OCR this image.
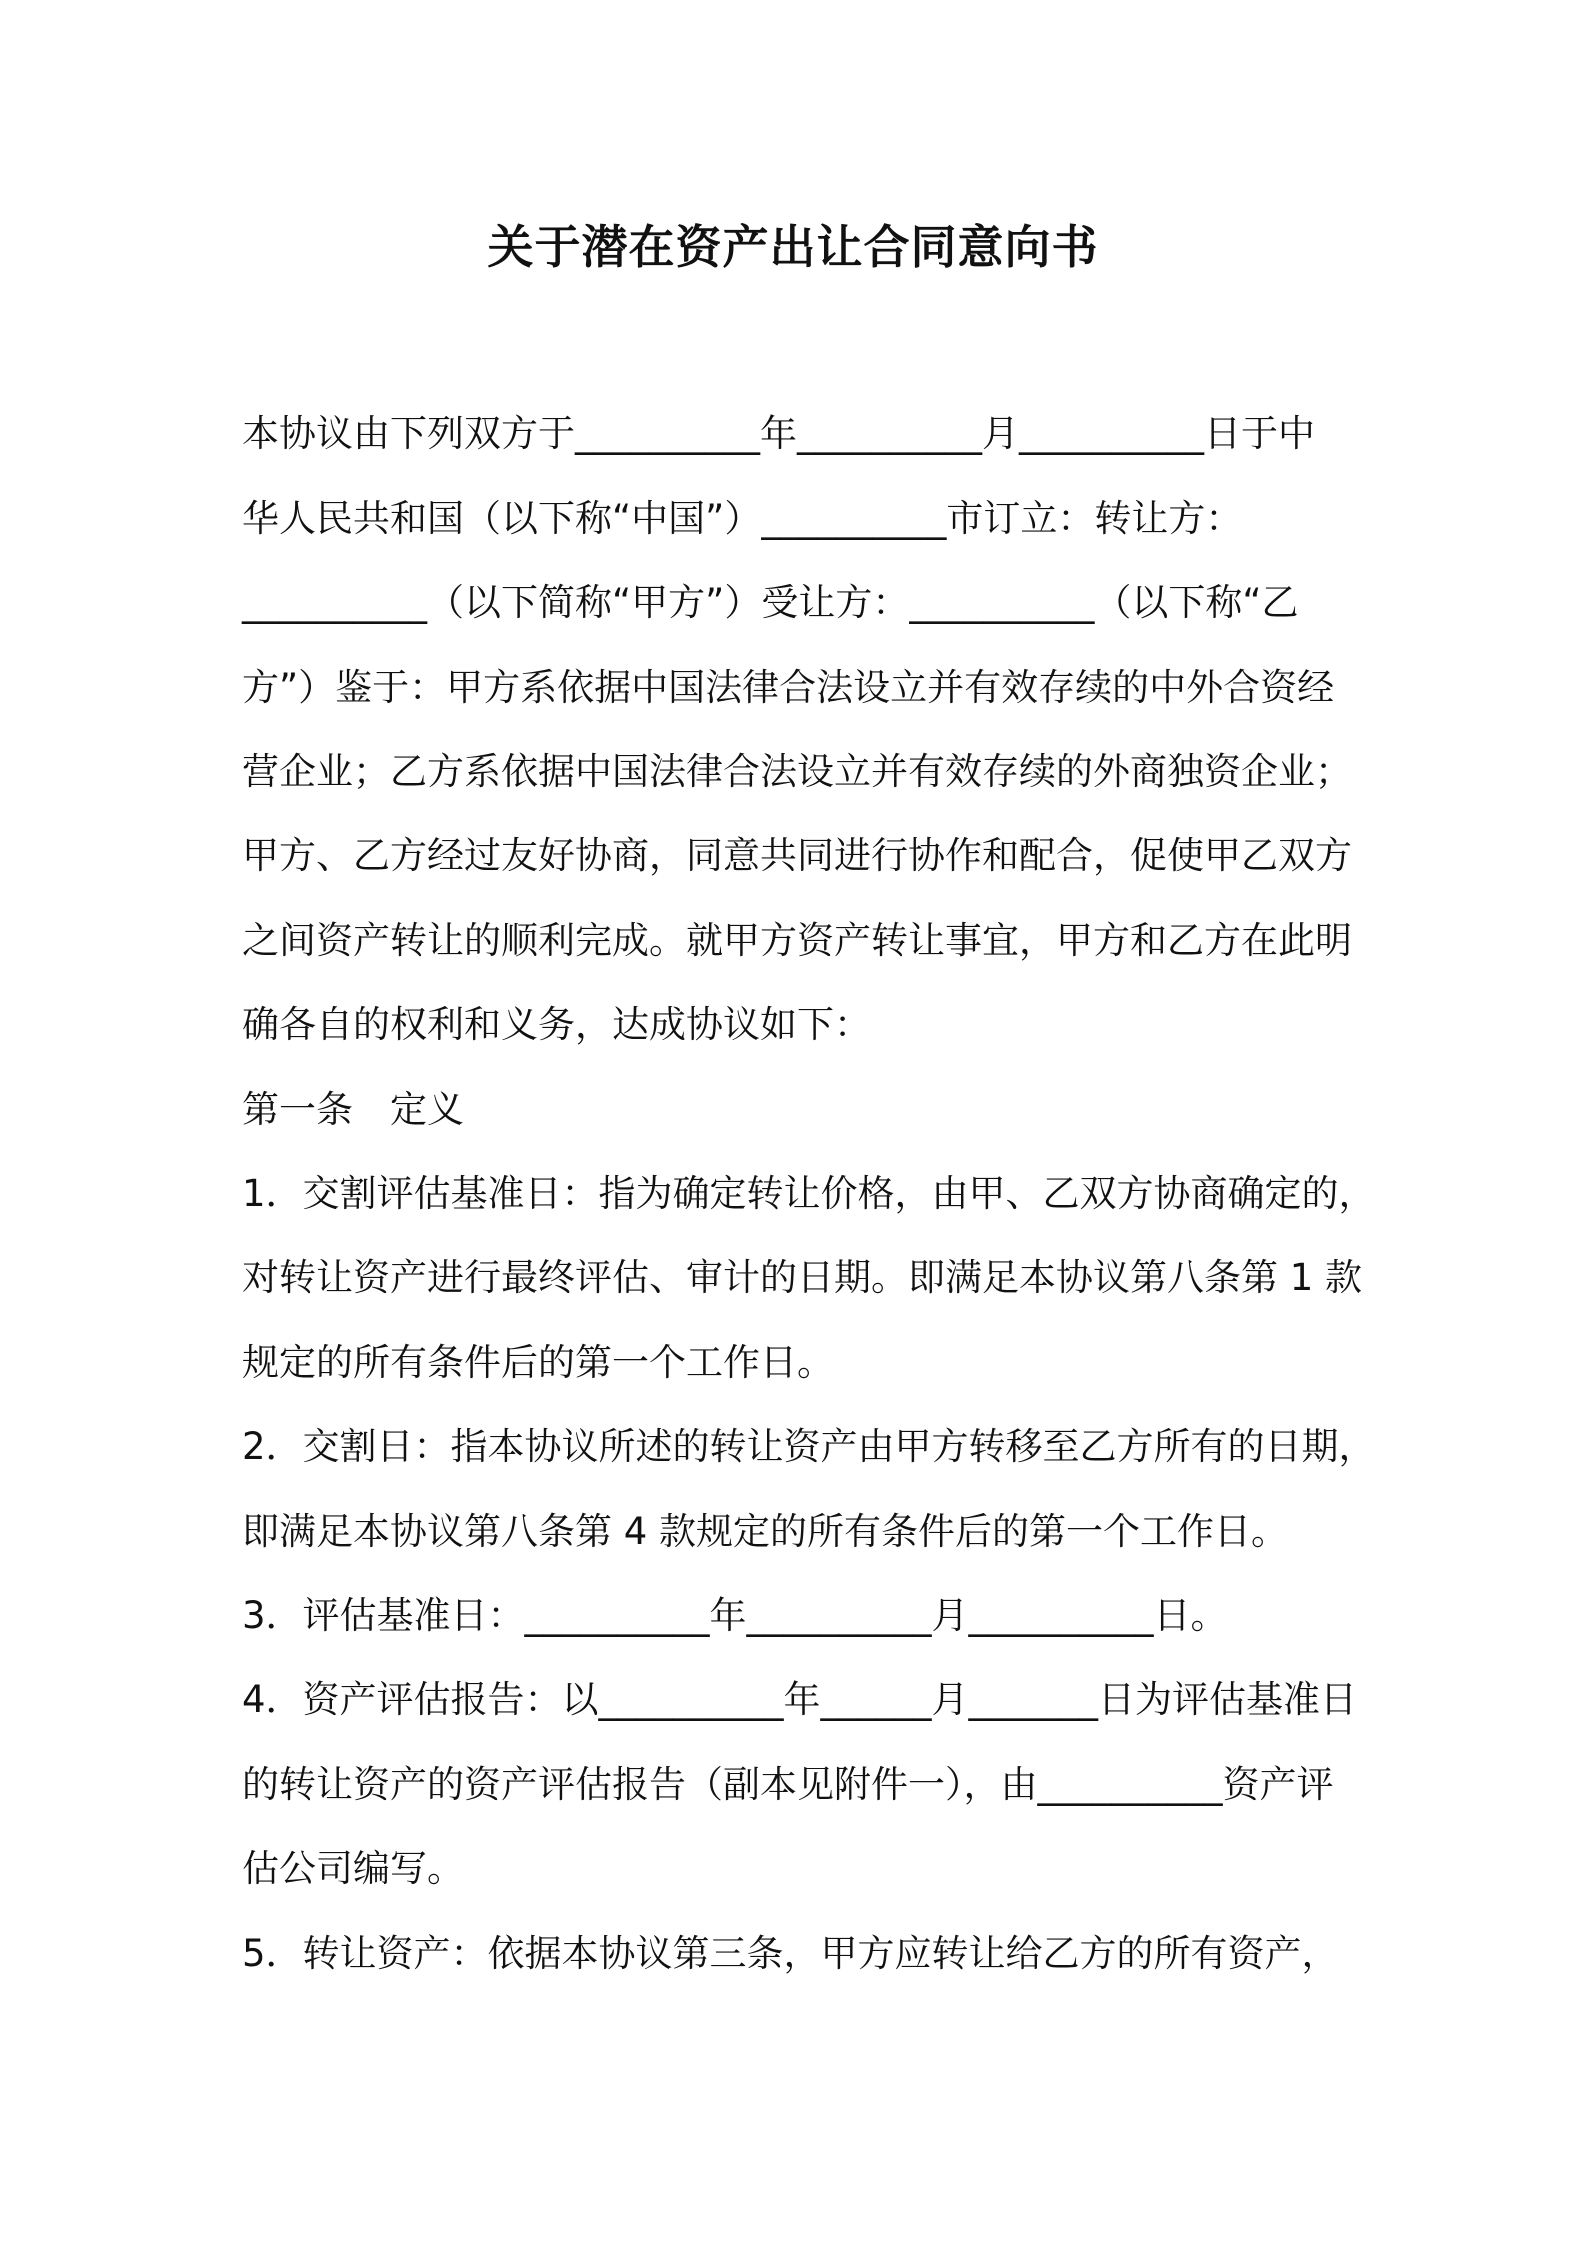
关于潜在资产出让合同意向书
本协议由下列双方于__________年__________月__________日于中
华人民共和国（以下称“中国”）__________市订立：转让方：
__________（以下简称“甲方”）受让方：__________（以下称“乙
方”）鉴于：甲方系依据中国法律合法设立并有效存续的中外合资经
营企业；乙方系依据中国法律合法设立并有效存续的外商独资企业；
甲方、乙方经过友好协商，同意共同进行协作和配合，促使甲乙双方
之间资产转让的顺利完成。就甲方资产转让事宜，甲方和乙方在此明
确各自的权利和义务，达成协议如下：
第一条　定义
1．交割评估基准日：指为确定转让价格，由甲、乙双方协商确定的，
对转让资产进行最终评估、审计的日期。即满足本协议第八条第 1 款
规定的所有条件后的第一个工作日。
2．交割日：指本协议所述的转让资产由甲方转移至乙方所有的日期，
即满足本协议第八条第 4 款规定的所有条件后的第一个工作日。
3．评估基准日：__________年__________月__________日。
4．资产评估报告：以__________年______月_______日为评估基准日
的转让资产的资产评估报告（副本见附件一），由__________资产评
估公司编写。
5．转让资产：依据本协议第三条，甲方应转让给乙方的所有资产，
